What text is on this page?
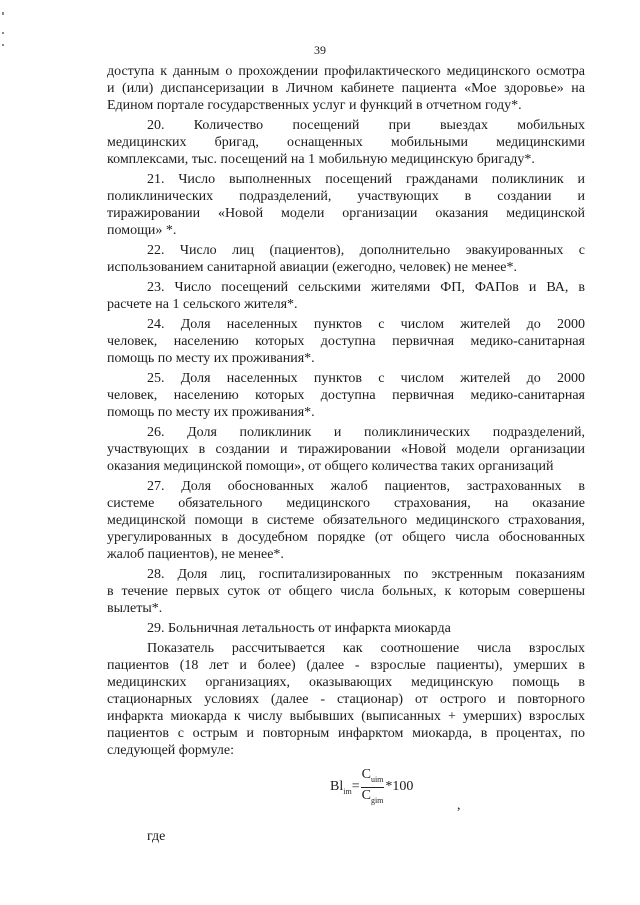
39
доступа к данным о прохождении профилактического медицинского осмотра
и (или) диспансеризации в Личном кабинете пациента «Мое здоровье» на
Едином портале государственных услуг и функций в отчетном году*.
20. Количество посещений при выездах мобильных
медицинских бригад, оснащенных мобильными медицинскими
комплексами, тыс. посещений на 1 мобильную медицинскую бригаду*.
21. Число выполненных посещений гражданами поликлиник и
поликлинических подразделений, участвующих в создании и
тиражировании «Новой модели организации оказания медицинской
помощи» *.
22. Число лиц (пациентов), дополнительно эвакуированных с
использованием санитарной авиации (ежегодно, человек) не менее*.
23. Число посещений сельскими жителями ФП, ФАПов и ВА, в
расчете на 1 сельского жителя*.
24. Доля населенных пунктов с числом жителей до 2000
человек, населению которых доступна первичная медико-санитарная
помощь по месту их проживания*.
25. Доля населенных пунктов с числом жителей до 2000
человек, населению которых доступна первичная медико-санитарная
помощь по месту их проживания*.
26. Доля поликлиник и поликлинических подразделений,
участвующих в создании и тиражировании «Новой модели организации
оказания медицинской помощи», от общего количества таких организаций
27. Доля обоснованных жалоб пациентов, застрахованных в
системе обязательного медицинского страхования, на оказание
медицинской помощи в системе обязательного медицинского страхования,
урегулированных в досудебном порядке (от общего числа обоснованных
жалоб пациентов), не менее*.
28. Доля лиц, госпитализированных по экстренным показаниям
в течение первых суток от общего числа больных, к которым совершены
вылеты*.
29. Больничная летальность от инфаркта миокарда
Показатель рассчитывается как соотношение числа взрослых
пациентов (18 лет и более) (далее - взрослые пациенты), умерших в
медицинских организациях, оказывающих медицинскую помощь в
стационарных условиях (далее - стационар) от острого и повторного
инфаркта миокарда к числу выбывших (выписанных + умерших) взрослых
пациентов с острым и повторным инфарктом миокарда, в процентах, по
следующей формуле:
$Bl_{im} = \frac{C_{uim}}{C_{gim}} *100$
,
где
